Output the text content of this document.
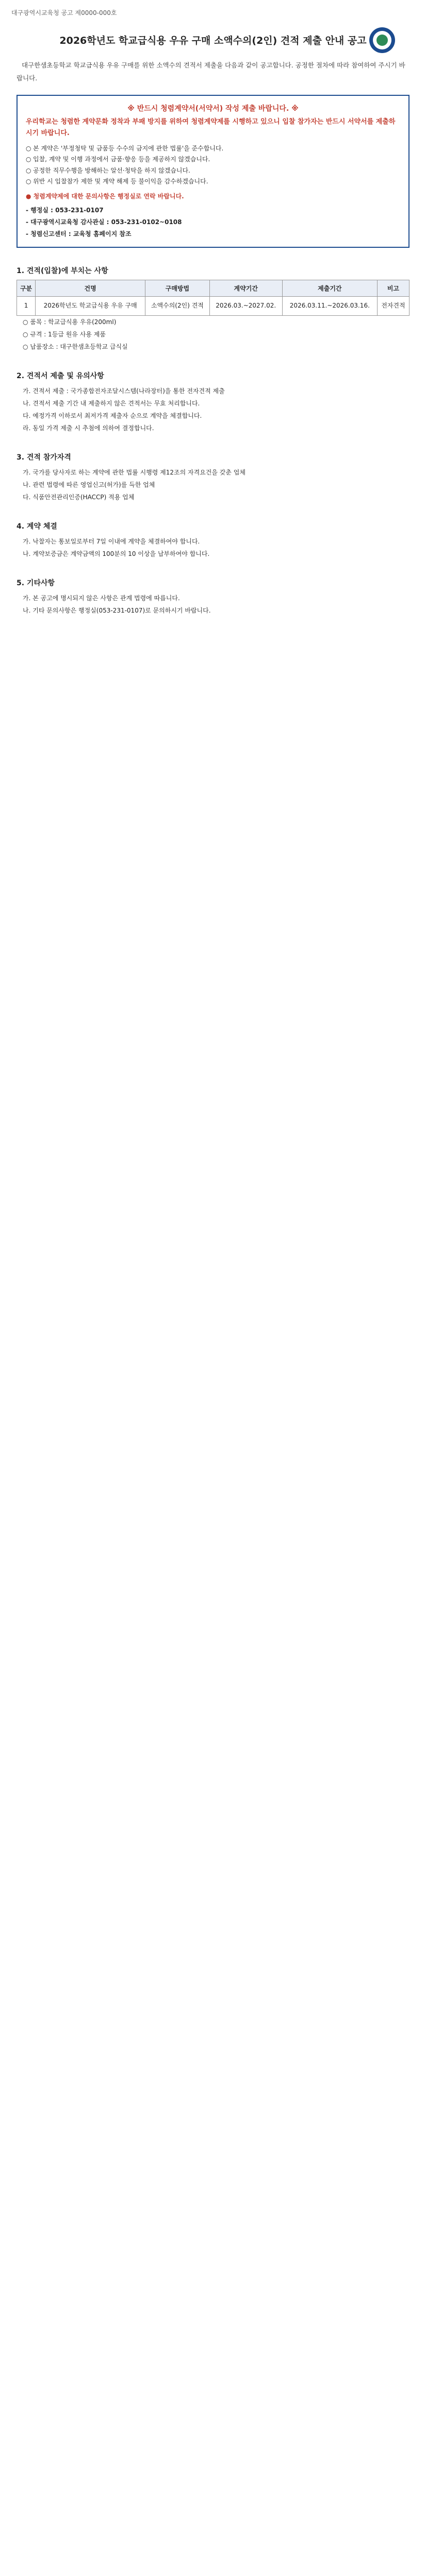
대구광역시교육청 공고 제0000-000호
2026학년도 학교급식용 우유 구매 소액수의(2인) 견적 제출 안내 공고
대구한샘초등학교 학교급식용 우유 구매를 위한 소액수의 견적서 제출을 다음과 같이 공고합니다. 공정한 절차에 따라 참여하여 주시기 바랍니다.
※ 반드시 청렴계약서(서약서) 작성 제출 바랍니다. ※
우리학교는 청렴한 계약문화 정착과 부패 방지를 위하여 청렴계약제를 시행하고 있으니 입찰 참가자는 반드시 서약서를 제출하시기 바랍니다.
○ 본 계약은 '부정청탁 및 금품등 수수의 금지에 관한 법률'을 준수합니다.
○ 입찰, 계약 및 이행 과정에서 금품·향응 등을 제공하지 않겠습니다.
○ 공정한 직무수행을 방해하는 알선·청탁을 하지 않겠습니다.
○ 위반 시 입찰참가 제한 및 계약 해제 등 불이익을 감수하겠습니다.
● 청렴계약제에 대한 문의사항은 행정실로 연락 바랍니다.
- 행정실 : 053-231-0107
- 대구광역시교육청 감사관실 : 053-231-0102~0108
- 청렴신고센터 : 교육청 홈페이지 참조
1. 견적(입찰)에 부치는 사항
구분	건명	구매방법	계약기간	제출기간	비고
1	2026학년도 학교급식용 우유 구매	소액수의(2인) 견적	2026.03.~2027.02.	2026.03.11.~2026.03.16.	전자견적
○ 품목 : 학교급식용 우유(200ml)
○ 규격 : 1등급 원유 사용 제품
○ 납품장소 : 대구한샘초등학교 급식실
2. 견적서 제출 및 유의사항
가. 견적서 제출 : 국가종합전자조달시스템(나라장터)을 통한 전자견적 제출
나. 견적서 제출 기간 내 제출하지 않은 견적서는 무효 처리합니다.
다. 예정가격 이하로서 최저가격 제출자 순으로 계약을 체결합니다.
라. 동일 가격 제출 시 추첨에 의하여 결정합니다.
3. 견적 참가자격
가. 국가를 당사자로 하는 계약에 관한 법률 시행령 제12조의 자격요건을 갖춘 업체
나. 관련 법령에 따른 영업신고(허가)를 득한 업체
다. 식품안전관리인증(HACCP) 적용 업체
4. 계약 체결
가. 낙찰자는 통보일로부터 7일 이내에 계약을 체결하여야 합니다.
나. 계약보증금은 계약금액의 100분의 10 이상을 납부하여야 합니다.
5. 기타사항
가. 본 공고에 명시되지 않은 사항은 관계 법령에 따릅니다.
나. 기타 문의사항은 행정실(053-231-0107)로 문의하시기 바랍니다.
